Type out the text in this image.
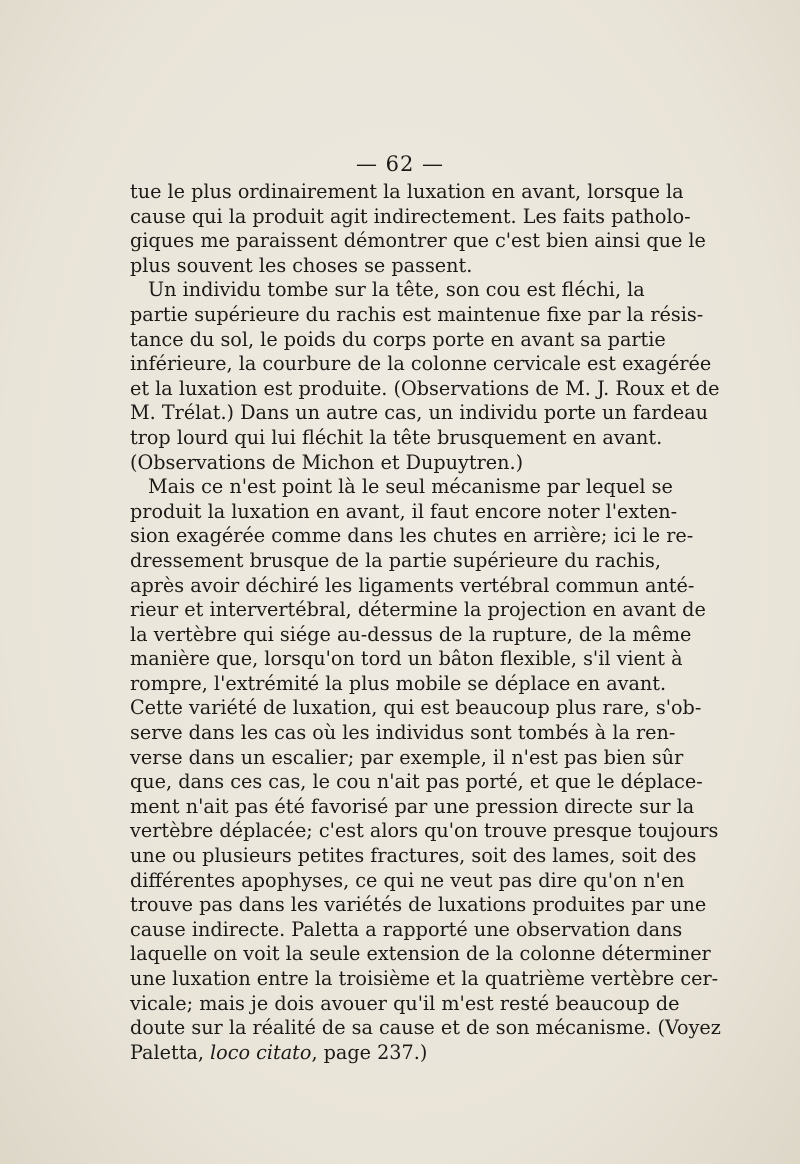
— 62 —
tue le plus ordinairement la luxation en avant, lorsque la
cause qui la produit agit indirectement. Les faits patholo-
giques me paraissent démontrer que c'est bien ainsi que le
plus souvent les choses se passent.
Un individu tombe sur la tête, son cou est fléchi, la
partie supérieure du rachis est maintenue fixe par la résis-
tance du sol, le poids du corps porte en avant sa partie
inférieure, la courbure de la colonne cervicale est exagérée
et la luxation est produite. (Observations de M. J. Roux et de
M. Trélat.) Dans un autre cas, un individu porte un fardeau
trop lourd qui lui fléchit la tête brusquement en avant.
(Observations de Michon et Dupuytren.)
Mais ce n'est point là le seul mécanisme par lequel se
produit la luxation en avant, il faut encore noter l'exten-
sion exagérée comme dans les chutes en arrière; ici le re-
dressement brusque de la partie supérieure du rachis,
après avoir déchiré les ligaments vertébral commun anté-
rieur et intervertébral, détermine la projection en avant de
la vertèbre qui siége au-dessus de la rupture, de la même
manière que, lorsqu'on tord un bâton flexible, s'il vient à
rompre, l'extrémité la plus mobile se déplace en avant.
Cette variété de luxation, qui est beaucoup plus rare, s'ob-
serve dans les cas où les individus sont tombés à la ren-
verse dans un escalier; par exemple, il n'est pas bien sûr
que, dans ces cas, le cou n'ait pas porté, et que le déplace-
ment n'ait pas été favorisé par une pression directe sur la
vertèbre déplacée; c'est alors qu'on trouve presque toujours
une ou plusieurs petites fractures, soit des lames, soit des
différentes apophyses, ce qui ne veut pas dire qu'on n'en
trouve pas dans les variétés de luxations produites par une
cause indirecte. Paletta a rapporté une observation dans
laquelle on voit la seule extension de la colonne déterminer
une luxation entre la troisième et la quatrième vertèbre cer-
vicale; mais je dois avouer qu'il m'est resté beaucoup de
doute sur la réalité de sa cause et de son mécanisme. (Voyez
Paletta, loco citato, page 237.)
